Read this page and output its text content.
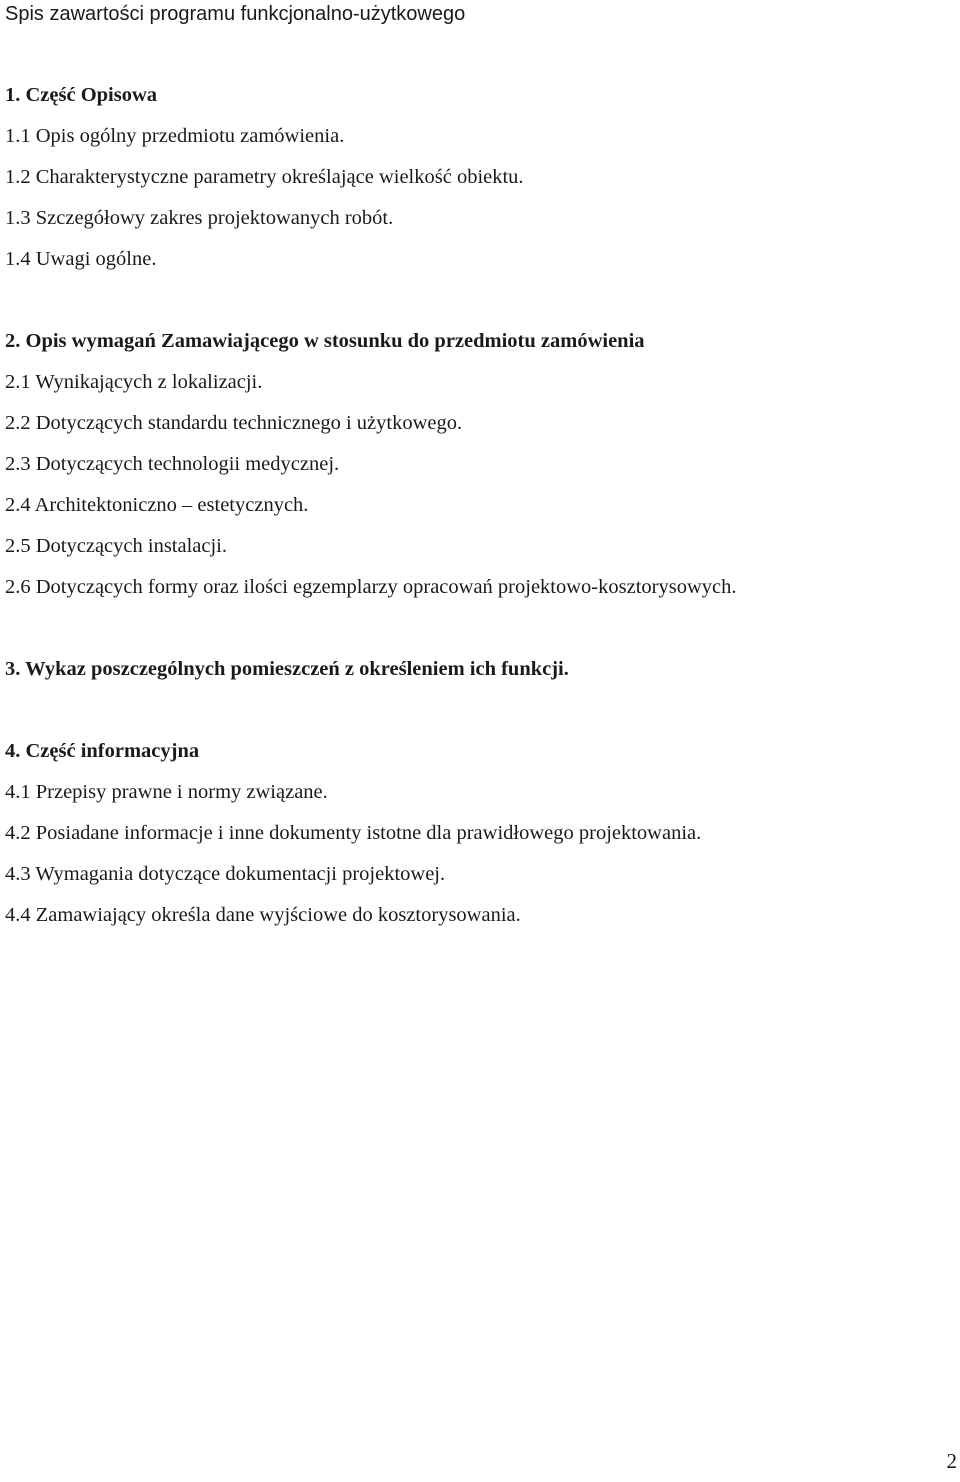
Spis zawartości programu funkcjonalno-użytkowego
1. Część Opisowa
1.1 Opis ogólny przedmiotu zamówienia.
1.2 Charakterystyczne parametry określające wielkość obiektu.
1.3 Szczegółowy zakres projektowanych robót.
1.4 Uwagi ogólne.
2. Opis wymagań Zamawiającego w stosunku do przedmiotu zamówienia
2.1 Wynikających z lokalizacji.
2.2 Dotyczących standardu technicznego i użytkowego.
2.3 Dotyczących technologii medycznej.
2.4 Architektoniczno – estetycznych.
2.5 Dotyczących instalacji.
2.6 Dotyczących formy oraz ilości egzemplarzy opracowań projektowo-kosztorysowych.
3. Wykaz poszczególnych pomieszczeń z określeniem ich funkcji.
4. Część informacyjna
4.1 Przepisy prawne i normy związane.
4.2 Posiadane informacje i inne dokumenty istotne dla prawidłowego projektowania.
4.3 Wymagania dotyczące dokumentacji projektowej.
4.4 Zamawiający określa dane wyjściowe do kosztorysowania.
2
